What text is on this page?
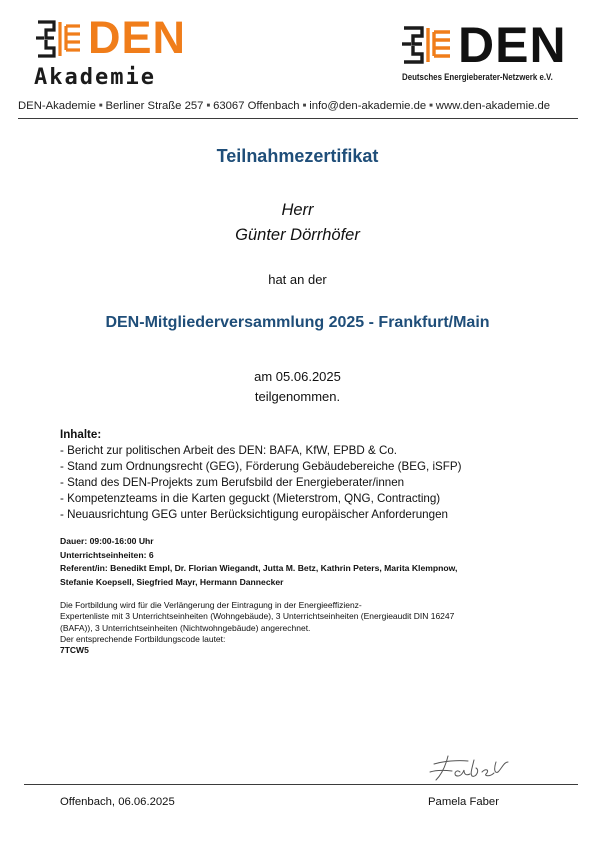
DEN
Akademie
DEN
Deutsches Energieberater-Netzwerk e.V.
DEN-Akademie ■ Berliner Straße 257 ■ 63067 Offenbach ■ info@den-akademie.de ■ www.den-akademie.de
Teilnahmezertifikat
Herr
Günter Dörrhöfer
hat an der
DEN-Mitgliederversammlung 2025 - Frankfurt/Main
am 05.06.2025
teilgenommen.
Inhalte:
- Bericht zur politischen Arbeit des DEN: BAFA, KfW, EPBD & Co.
- Stand zum Ordnungsrecht (GEG), Förderung Gebäudebereiche (BEG, iSFP)
- Stand des DEN-Projekts zum Berufsbild der Energieberater/innen
- Kompetenzteams in die Karten geguckt (Mieterstrom, QNG, Contracting)
- Neuausrichtung GEG unter Berücksichtigung europäischer Anforderungen
Dauer: 09:00-16:00 Uhr
Unterrichtseinheiten: 6
Referent/in: Benedikt Empl, Dr. Florian Wiegandt, Jutta M. Betz, Kathrin Peters, Marita Klempnow,
Stefanie Koepsell, Siegfried Mayr, Hermann Dannecker
Die Fortbildung wird für die Verlängerung der Eintragung in der Energieeffizienz-
Expertenliste mit 3 Unterrichtseinheiten (Wohngebäude), 3 Unterrichtseinheiten (Energieaudit DIN 16247
(BAFA)), 3 Unterrichtseinheiten (Nichtwohngebäude) angerechnet.
Der entsprechende Fortbildungscode lautet:
7TCW5
Offenbach, 06.06.2025	Pamela Faber
